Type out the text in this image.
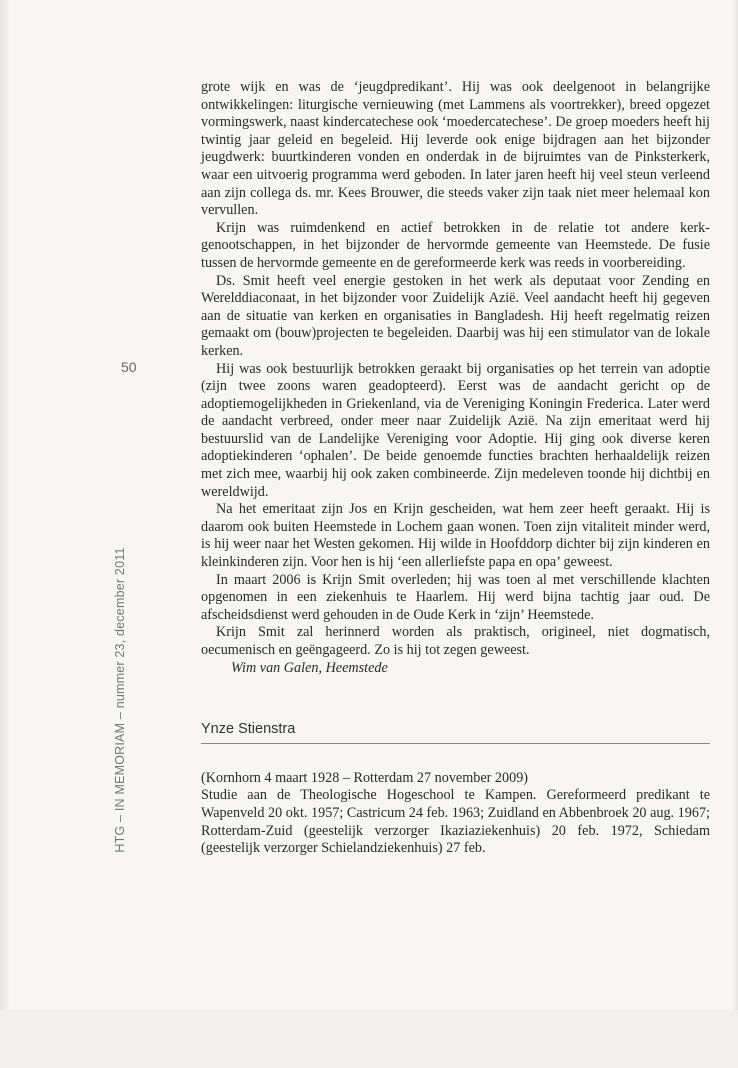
50
HTG – IN MEMORIAM – nummer 23, december 2011

grote wijk en was de ‘jeugdpredikant’. Hij was ook deelgenoot in belangrijke ontwikkelingen: liturgische vernieuwing (met Lammens als voortrekker), breed opgezet vormingswerk, naast kindercatechese ook ‘moedercatechese’. De groep moeders heeft hij twintig jaar geleid en begeleid. Hij leverde ook enige bijdragen aan het bijzonder jeugdwerk: buurtkinderen vonden en onderdak in de bijruimtes van de Pinksterkerk, waar een uitvoerig programma werd geboden. In later jaren heeft hij veel steun verleend aan zijn collega ds. mr. Kees Brouwer, die steeds vaker zijn taak niet meer helemaal kon vervullen.

Krijn was ruimdenkend en actief betrokken in de relatie tot andere kerkgenootschappen, in het bijzonder de hervormde gemeente van Heemstede. De fusie tussen de hervormde gemeente en de gereformeerde kerk was reeds in voorbereiding.

Ds. Smit heeft veel energie gestoken in het werk als deputaat voor Zending en Werelddiaconaat, in het bijzonder voor Zuidelijk Azië. Veel aandacht heeft hij gegeven aan de situatie van kerken en organisaties in Bangladesh. Hij heeft regelmatig reizen gemaakt om (bouw)projecten te begeleiden. Daarbij was hij een stimulator van de lokale kerken.

Hij was ook bestuurlijk betrokken geraakt bij organisaties op het terrein van adoptie (zijn twee zoons waren geadopteerd). Eerst was de aandacht gericht op de adoptiemogelijkheden in Griekenland, via de Vereniging Koningin Frederica. Later werd de aandacht verbreed, onder meer naar Zuidelijk Azië. Na zijn emeritaat werd hij bestuurslid van de Landelijke Vereniging voor Adoptie. Hij ging ook diverse keren adoptiekinderen ‘ophalen’. De beide genoemde functies brachten herhaaldelijk reizen met zich mee, waarbij hij ook zaken combineerde. Zijn medeleven toonde hij dichtbij en wereldwijd.

Na het emeritaat zijn Jos en Krijn gescheiden, wat hem zeer heeft geraakt. Hij is daarom ook buiten Heemstede in Lochem gaan wonen. Toen zijn vitaliteit minder werd, is hij weer naar het Westen gekomen. Hij wilde in Hoofddorp dichter bij zijn kinderen en kleinkinderen zijn. Voor hen is hij ‘een allerliefste papa en opa’ geweest.

In maart 2006 is Krijn Smit overleden; hij was toen al met verschillende klachten opgenomen in een ziekenhuis te Haarlem. Hij werd bijna tachtig jaar oud. De afscheidsdienst werd gehouden in de Oude Kerk in ‘zijn’ Heemstede.

Krijn Smit zal herinnerd worden als praktisch, origineel, niet dogmatisch, oecumenisch en geëngageerd. Zo is hij tot zegen geweest.

Wim van Galen, Heemstede

Ynze Stienstra

(Kornhorn 4 maart 1928 – Rotterdam 27 november 2009)

Studie aan de Theologische Hogeschool te Kampen. Gereformeerd predikant te Wapenveld 20 okt. 1957; Castricum 24 feb. 1963; Zuidland en Abbenbroek 20 aug. 1967; Rotterdam-Zuid (geestelijk verzorger Ikaziaziekenhuis) 20 feb. 1972, Schiedam (geestelijk verzorger Schielandziekenhuis) 27 feb.
